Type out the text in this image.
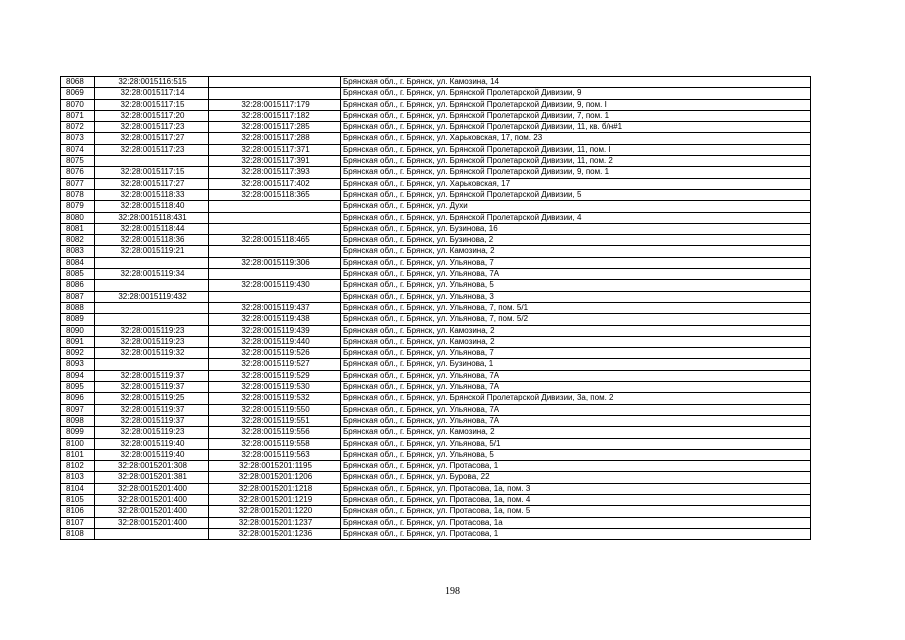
8068	32:28:0015116:515		Брянская обл., г. Брянск, ул. Камозина, 14
8069	32:28:0015117:14		Брянская обл., г. Брянск, ул. Брянской Пролетарской Дивизии, 9
8070	32:28:0015117:15	32:28:0015117:179	Брянская обл., г. Брянск, ул. Брянской Пролетарской Дивизии, 9, пом. I
8071	32:28:0015117:20	32:28:0015117:182	Брянская обл., г. Брянск, ул. Брянской Пролетарской Дивизии, 7, пом. 1
8072	32:28:0015117:23	32:28:0015117:285	Брянская обл., г. Брянск, ул. Брянской Пролетарской Дивизии, 11, кв. б/н#1
8073	32:28:0015117:27	32:28:0015117:288	Брянская обл., г. Брянск, ул. Харьковская, 17, пом. 23
8074	32:28:0015117:23	32:28:0015117:371	Брянская обл., г. Брянск, ул. Брянской Пролетарской Дивизии, 11, пом. I
8075		32:28:0015117:391	Брянская обл., г. Брянск, ул. Брянской Пролетарской Дивизии, 11, пом. 2
8076	32:28:0015117:15	32:28:0015117:393	Брянская обл., г. Брянск, ул. Брянской Пролетарской Дивизии, 9, пом. 1
8077	32:28:0015117:27	32:28:0015117:402	Брянская обл., г. Брянск, ул. Харьковская, 17
8078	32:28:0015118:33	32:28:0015118:365	Брянская обл., г. Брянск, ул. Брянской Пролетарской Дивизии, 5
8079	32:28:0015118:40		Брянская обл., г. Брянск, ул. Духи
8080	32:28:0015118:431		Брянская обл., г. Брянск, ул. Брянской Пролетарской Дивизии, 4
8081	32:28:0015118:44		Брянская обл., г. Брянск, ул. Бузинова, 16
8082	32:28:0015118:36	32:28:0015118:465	Брянская обл., г. Брянск, ул. Бузинова, 2
8083	32:28:0015119:21		Брянская обл., г. Брянск, ул. Камозина, 2
8084		32:28:0015119:306	Брянская обл., г. Брянск, ул. Ульянова, 7
8085	32:28:0015119:34		Брянская обл., г. Брянск, ул. Ульянова, 7А
8086		32:28:0015119:430	Брянская обл., г. Брянск, ул. Ульянова, 5
8087	32:28:0015119:432		Брянская обл., г. Брянск, ул. Ульянова, 3
8088		32:28:0015119:437	Брянская обл., г. Брянск, ул. Ульянова, 7, пом. 5/1
8089		32:28:0015119:438	Брянская обл., г. Брянск, ул. Ульянова, 7, пом. 5/2
8090	32:28:0015119:23	32:28:0015119:439	Брянская обл., г. Брянск, ул. Камозина, 2
8091	32:28:0015119:23	32:28:0015119:440	Брянская обл., г. Брянск, ул. Камозина, 2
8092	32:28:0015119:32	32:28:0015119:526	Брянская обл., г. Брянск, ул. Ульянова, 7
8093		32:28:0015119:527	Брянская обл., г. Брянск, ул. Бузинова, 1
8094	32:28:0015119:37	32:28:0015119:529	Брянская обл., г. Брянск, ул. Ульянова, 7А
8095	32:28:0015119:37	32:28:0015119:530	Брянская обл., г. Брянск, ул. Ульянова, 7А
8096	32:28:0015119:25	32:28:0015119:532	Брянская обл., г. Брянск, ул. Брянской Пролетарской Дивизии, 3а, пом. 2
8097	32:28:0015119:37	32:28:0015119:550	Брянская обл., г. Брянск, ул. Ульянова, 7А
8098	32:28:0015119:37	32:28:0015119:551	Брянская обл., г. Брянск, ул. Ульянова, 7А
8099	32:28:0015119:23	32:28:0015119:556	Брянская обл., г. Брянск, ул. Камозина, 2
8100	32:28:0015119:40	32:28:0015119:558	Брянская обл., г. Брянск, ул. Ульянова, 5/1
8101	32:28:0015119:40	32:28:0015119:563	Брянская обл., г. Брянск, ул. Ульянова, 5
8102	32:28:0015201:308	32:28:0015201:1195	Брянская обл., г. Брянск, ул. Протасова, 1
8103	32:28:0015201:381	32:28:0015201:1206	Брянская обл., г. Брянск, ул. Бурова, 22
8104	32:28:0015201:400	32:28:0015201:1218	Брянская обл., г. Брянск, ул. Протасова, 1а, пом. 3
8105	32:28:0015201:400	32:28:0015201:1219	Брянская обл., г. Брянск, ул. Протасова, 1а, пом. 4
8106	32:28:0015201:400	32:28:0015201:1220	Брянская обл., г. Брянск, ул. Протасова, 1а, пом. 5
8107	32:28:0015201:400	32:28:0015201:1237	Брянская обл., г. Брянск, ул. Протасова, 1а
8108		32:28:0015201:1236	Брянская обл., г. Брянск, ул. Протасова, 1
198
